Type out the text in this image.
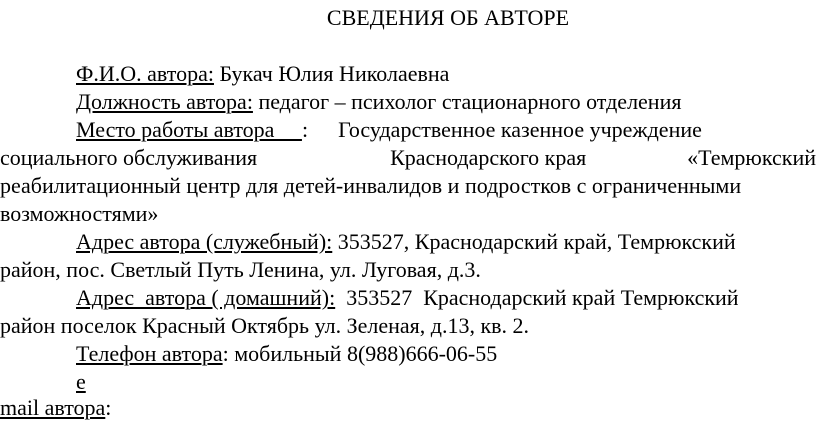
СВЕДЕНИЯ ОБ АВТОРЕ
Ф.И.О. автора: Букач Юлия Николаевна
Должность автора: педагог – психолог стационарного отделения
Место работы автора     : Государственное казенное учреждение
социального обслуживания	Краснодарского края	«Темрюкский
реабилитационный центр для детей-инвалидов и подростков с ограниченными
возможностями»
Адрес автора (служебный): 353527, Краснодарский край, Темрюкский
район, пос. Светлый Путь Ленина, ул. Луговая, д.3.
Адрес  автора ( домашний):  353527  Краснодарский край Темрюкский
район поселок Красный Октябрь ул. Зеленая, д.13, кв. 2.
Телефон автора: мобильный 8(988)666-06-55
е
mail автора:
